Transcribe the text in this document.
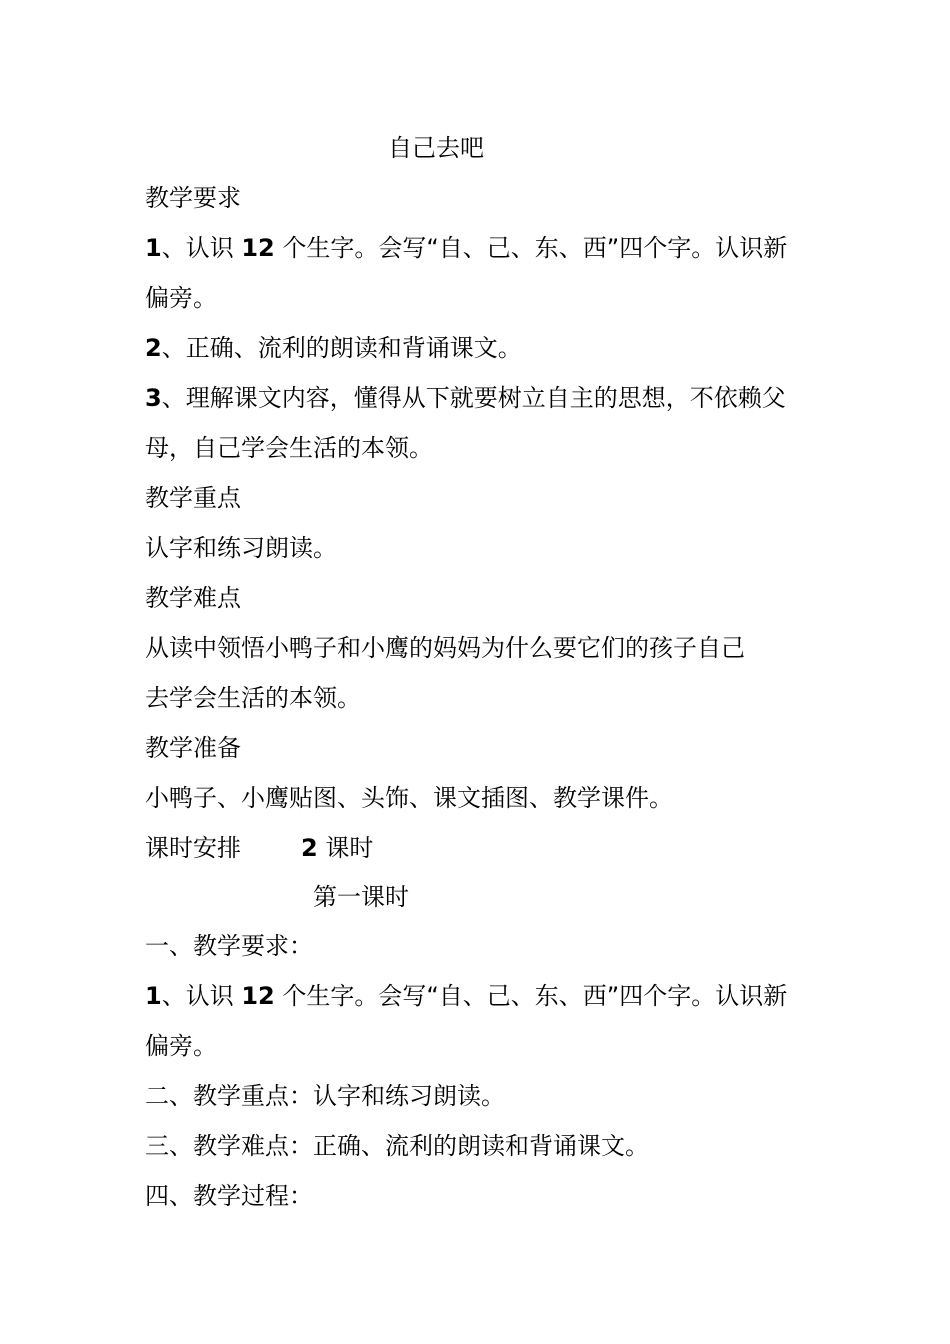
自己去吧
教学要求
1、认识 12 个生字。会写“自、己、东、西”四个字。认识新
偏旁。
2、正确、流利的朗读和背诵课文。
3、理解课文内容，懂得从下就要树立自主的思想，不依赖父
母，自己学会生活的本领。
教学重点
认字和练习朗读。
教学难点
从读中领悟小鸭子和小鹰的妈妈为什么要它们的孩子自己
去学会生活的本领。
教学准备
小鸭子、小鹰贴图、头饰、课文插图、教学课件。
课时安排	2 课时
第一课时
一、教学要求：
1、认识 12 个生字。会写“自、己、东、西”四个字。认识新
偏旁。
二、教学重点：认字和练习朗读。
三、教学难点：正确、流利的朗读和背诵课文。
四、教学过程：
